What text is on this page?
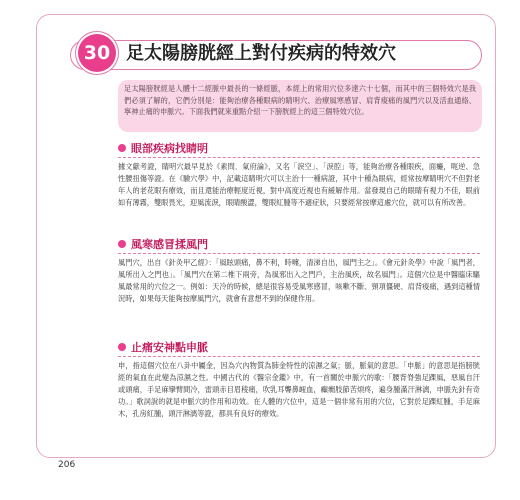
30 足太陽膀胱經上對付疾病的特效穴
足太陽膀胱經是人體十二經脈中最長的一條經脈，本經上的常用穴位多達六十七個，而其中的三個特效穴是我們必須了解的，它們分別是：能夠治療各種眼病的睛明穴、治療風寒感冒、肩背痠痛的風門穴以及活血通絡、寧神止痛的申脈穴。下面我們就來重點介紹一下膀胱經上的這三個特效穴位。
眼部疾病找睛明
據文獻考證，睛明穴最早見於《素問．氣府論》，又名「淚空」、「淚腔」等，能夠治療各種眼疾，面癱，呃逆、急性腰扭傷等證。在《驗穴學》中，記載這睛明穴可以主治十一種病證，其中十種為眼病，經常按摩睛明穴不但對老年人的老花眼有療效，而且還能治療輕度近視，對中高度近視也有緩解作用。當發現自己的眼睛有視力不佳，眼前如有薄霧，雙眼畏光，迎風流淚，眼睛酸澀，雙眼紅腫等不適症狀，只要經常按摩這處穴位，就可以有所改善。
風寒感冒揉風門
風門穴，出自《針灸甲乙經》：「風眩頭痛，鼻不利，時嚏，清涕自出，風門主之」。《會元針灸學》中說「風門者，風所出入之門也」。「風門穴在第二椎下兩旁，為風邪出入之門戶，主治風疾，故名風門」。這個穴位是中醫臨床驅風最常用的穴位之一。例如：天冷的時候，總是很容易受風寒感冒，咳嗽不斷、頸項僵硬、肩背痠痛，遇到這種情況時，如果每天能夠按摩風門穴，就會有意想不到的保健作用。
止痛安神點申脈
申，指這個穴位在八卦中屬金，因為穴內物質為肺金特性的涼濕之氣；脈，脈氣的意思。「申脈」的意思是指膀胱經的氣血在此變為涼濕之性。中國古代的《醫宗金鑑》中，有一首關於申脈穴的歌：「腰背脊強足踝風，惡風自汗或頭痛，手足麻攣臂間冷，雷頭赤目眉稜痛，吹乳耳聾鼻衄血，癲癇肢節苦煩疼，遍身腫滿汗淋漓，申脈先針有奇功。」歌詞說的就是申脈穴的作用和功效。在人體的穴位中，這是一個非常有用的穴位，它對於足踝紅腫，手足麻木，孔房紅腫，頭汗淋漓等證，都具有良好的療效。
206
